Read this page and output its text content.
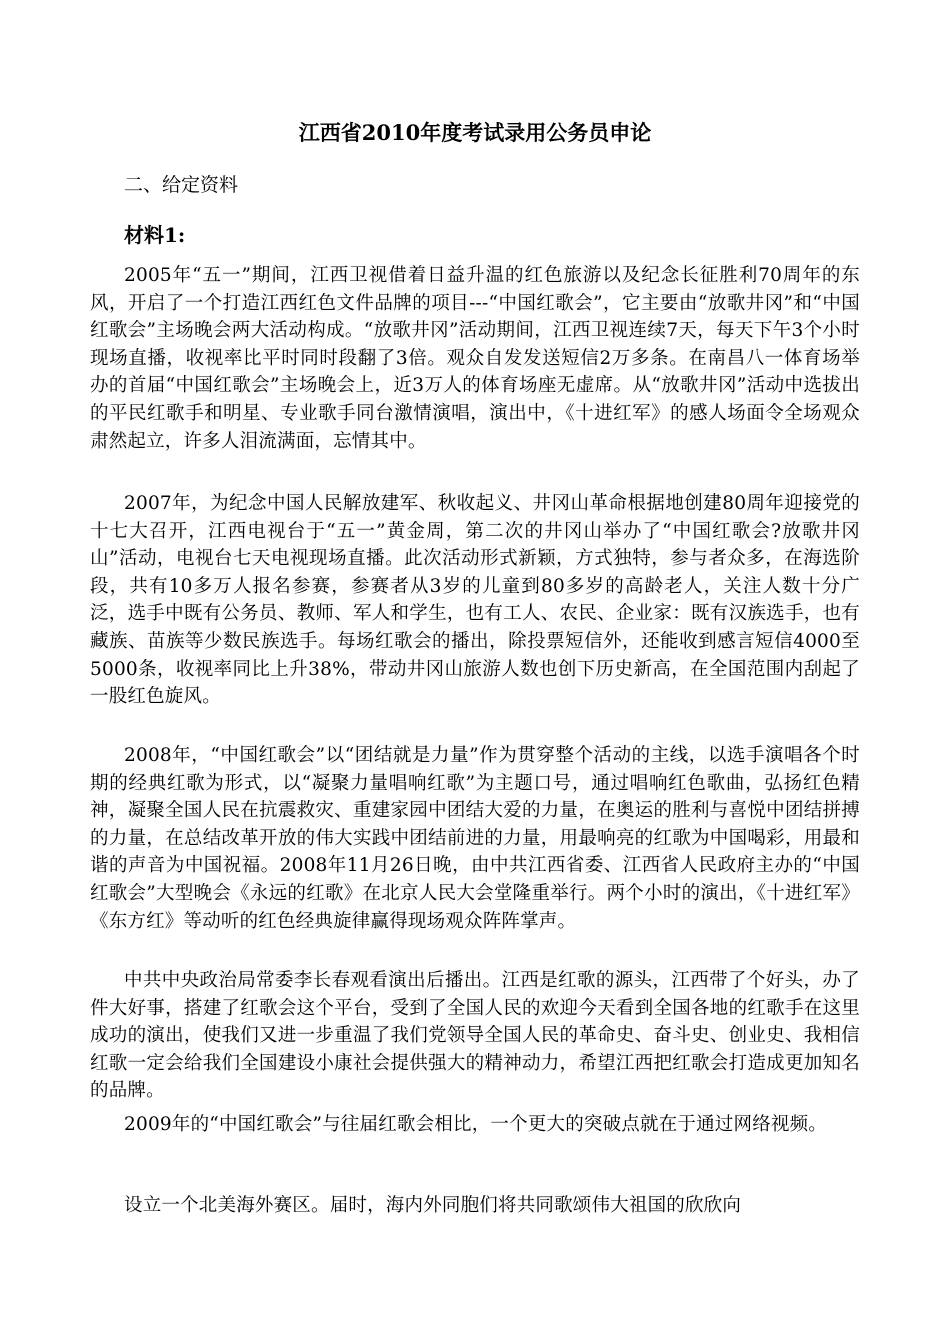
江西省2010年度考试录用公务员申论

二、给定资料

材料1:

2005年“五一”期间，江西卫视借着日益升温的红色旅游以及纪念长征胜利70周年的东风，开启了一个打造江西红色文件品牌的项目---“中国红歌会”，它主要由“放歌井冈”和“中国红歌会”主场晚会两大活动构成。“放歌井冈”活动期间，江西卫视连续7天，每天下午3个小时现场直播，收视率比平时同时段翻了3倍。观众自发发送短信2万多条。在南昌八一体育场举办的首届“中国红歌会”主场晚会上，近3万人的体育场座无虚席。从“放歌井冈”活动中选拔出的平民红歌手和明星、专业歌手同台激情演唱，演出中，《十进红军》的感人场面令全场观众肃然起立，许多人泪流满面，忘情其中。

2007年，为纪念中国人民解放建军、秋收起义、井冈山革命根据地创建80周年迎接党的十七大召开，江西电视台于“五一”黄金周，第二次的井冈山举办了“中国红歌会?放歌井冈山”活动，电视台七天电视现场直播。此次活动形式新颖，方式独特，参与者众多，在海选阶段，共有10多万人报名参赛，参赛者从3岁的儿童到80多岁的高龄老人，关注人数十分广泛，选手中既有公务员、教师、军人和学生，也有工人、农民、企业家：既有汉族选手，也有藏族、苗族等少数民族选手。每场红歌会的播出，除投票短信外，还能收到感言短信4000至5000条，收视率同比上升38%，带动井冈山旅游人数也创下历史新高，在全国范围内刮起了一股红色旋风。

2008年，“中国红歌会”以“团结就是力量”作为贯穿整个活动的主线，以选手演唱各个时期的经典红歌为形式，以“凝聚力量唱响红歌”为主题口号，通过唱响红色歌曲，弘扬红色精神，凝聚全国人民在抗震救灾、重建家园中团结大爱的力量，在奥运的胜利与喜悦中团结拼搏的力量，在总结改革开放的伟大实践中团结前进的力量，用最响亮的红歌为中国喝彩，用最和谐的声音为中国祝福。2008年11月26日晚，由中共江西省委、江西省人民政府主办的“中国红歌会”大型晚会《永远的红歌》在北京人民大会堂隆重举行。两个小时的演出，《十进红军》《东方红》等动听的红色经典旋律赢得现场观众阵阵掌声。

中共中央政治局常委李长春观看演出后播出。江西是红歌的源头，江西带了个好头，办了件大好事，搭建了红歌会这个平台，受到了全国人民的欢迎今天看到全国各地的红歌手在这里成功的演出，使我们又进一步重温了我们党领导全国人民的革命史、奋斗史、创业史、我相信红歌一定会给我们全国建设小康社会提供强大的精神动力，希望江西把红歌会打造成更加知名的品牌。

2009年的“中国红歌会”与往届红歌会相比，一个更大的突破点就在于通过网络视频。

设立一个北美海外赛区。届时，海内外同胞们将共同歌颂伟大祖国的欣欣向
